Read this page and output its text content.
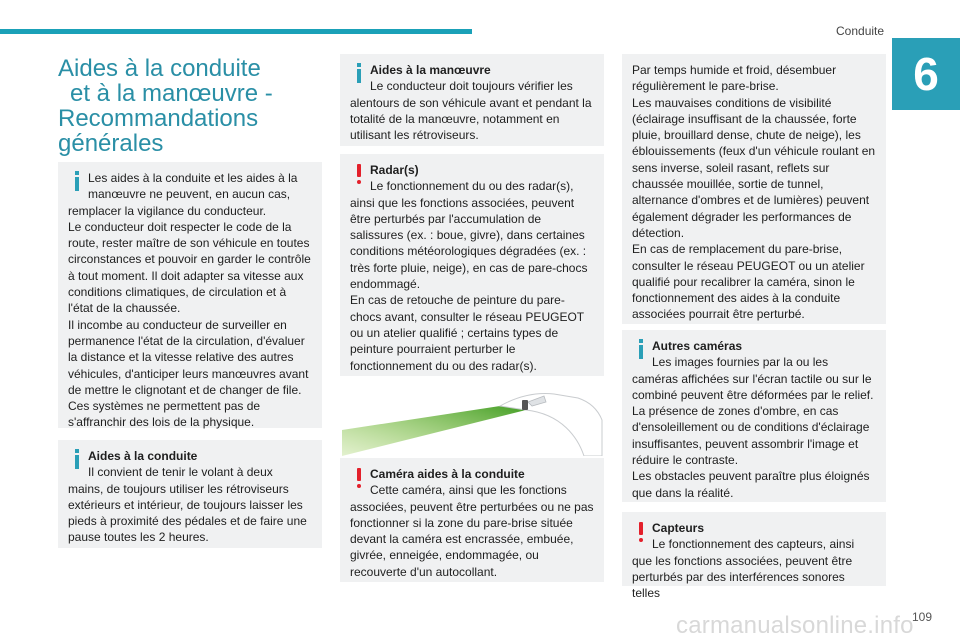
Conduite
6
Aides à la conduite
et à la manœuvre -
Recommandations
générales

Les aides à la conduite et les aides à la manœuvre ne peuvent, en aucun cas,

remplacer la vigilance du conducteur.
Le conducteur doit respecter le code de la route, rester maître de son véhicule en toutes circonstances et pouvoir en garder le contrôle à tout moment. Il doit adapter sa vitesse aux conditions climatiques, de circulation et à l'état de la chaussée.
Il incombe au conducteur de surveiller en permanence l'état de la circulation, d'évaluer la distance et la vitesse relative des autres véhicules, d'anticiper leurs manœuvres avant de mettre le clignotant et de changer de file.
Ces systèmes ne permettent pas de s'affranchir des lois de la physique.

Aides à la conduite

Il convient de tenir le volant à deux

mains, de toujours utiliser les rétroviseurs extérieurs et intérieur, de toujours laisser les pieds à proximité des pédales et de faire une pause toutes les 2 heures.

Aides à la manœuvre

Le conducteur doit toujours vérifier les

alentours de son véhicule avant et pendant la totalité de la manœuvre, notamment en utilisant les rétroviseurs.

Radar(s)

Le fonctionnement du ou des radar(s),

ainsi que les fonctions associées, peuvent être perturbés par l'accumulation de salissures (ex. : boue, givre), dans certaines conditions météorologiques dégradées (ex. : très forte pluie, neige), en cas de pare-chocs endommagé.
En cas de retouche de peinture du pare-chocs avant, consulter le réseau PEUGEOT ou un atelier qualifié ; certains types de peinture pourraient perturber le fonctionnement du ou des radar(s).

Caméra aides à la conduite

Cette caméra, ainsi que les fonctions

associées, peuvent être perturbées ou ne pas fonctionner si la zone du pare-brise située devant la caméra est encrassée, embuée, givrée, enneigée, endommagée, ou recouverte d'un autocollant.

Par temps humide et froid, désembuer régulièrement le pare-brise.
Les mauvaises conditions de visibilité (éclairage insuffisant de la chaussée, forte pluie, brouillard dense, chute de neige), les éblouissements (feux d'un véhicule roulant en sens inverse, soleil rasant, reflets sur chaussée mouillée, sortie de tunnel, alternance d'ombres et de lumières) peuvent également dégrader les performances de détection.
En cas de remplacement du pare-brise, consulter le réseau PEUGEOT ou un atelier qualifié pour recalibrer la caméra, sinon le fonctionnement des aides à la conduite associées pourrait être perturbé.

Autres caméras

Les images fournies par la ou les

caméras affichées sur l'écran tactile ou sur le combiné peuvent être déformées par le relief.
La présence de zones d'ombre, en cas d'ensoleillement ou de conditions d'éclairage insuffisantes, peuvent assombrir l'image et réduire le contraste.
Les obstacles peuvent paraître plus éloignés que dans la réalité.

Capteurs

Le fonctionnement des capteurs, ainsi

que les fonctions associées, peuvent être perturbés par des interférences sonores telles

carmanualsonline.info
109
